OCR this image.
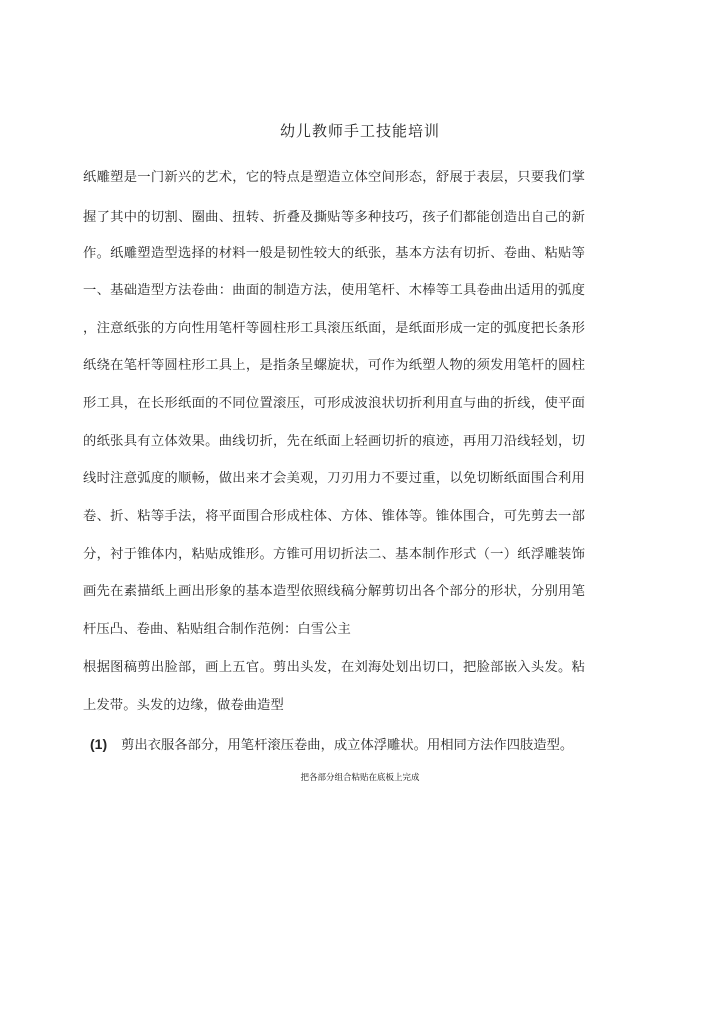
幼儿教师手工技能培训
纸雕塑是一门新兴的艺术，它的特点是塑造立体空间形态，舒展于表层，只要我们掌
握了其中的切割、圈曲、扭转、折叠及撕贴等多种技巧，孩子们都能创造出自己的新
作。纸雕塑造型选择的材料一般是韧性较大的纸张，基本方法有切折、卷曲、粘贴等
一、基础造型方法卷曲：曲面的制造方法，使用笔杆、木棒等工具卷曲出适用的弧度
，注意纸张的方向性用笔杆等圆柱形工具滚压纸面，是纸面形成一定的弧度把长条形
纸绕在笔杆等圆柱形工具上，是指条呈螺旋状，可作为纸塑人物的须发用笔杆的圆柱
形工具，在长形纸面的不同位置滚压，可形成波浪状切折利用直与曲的折线，使平面
的纸张具有立体效果。曲线切折，先在纸面上轻画切折的痕迹，再用刀沿线轻划，切
线时注意弧度的顺畅，做出来才会美观，刀刃用力不要过重，以免切断纸面围合利用
卷、折、粘等手法，将平面围合形成柱体、方体、锥体等。锥体围合，可先剪去一部
分，衬于锥体内，粘贴成锥形。方锥可用切折法二、基本制作形式（一）纸浮雕装饰
画先在素描纸上画出形象的基本造型依照线稿分解剪切出各个部分的形状，分别用笔
杆压凸、卷曲、粘贴组合制作范例：白雪公主
根据图稿剪出脸部，画上五官。剪出头发，在刘海处划出切口，把脸部嵌入头发。粘
上发带。头发的边缘，做卷曲造型
(1) 剪出衣服各部分，用笔杆滚压卷曲，成立体浮雕状。用相同方法作四肢造型。
把各部分组合粘贴在底板上完成
